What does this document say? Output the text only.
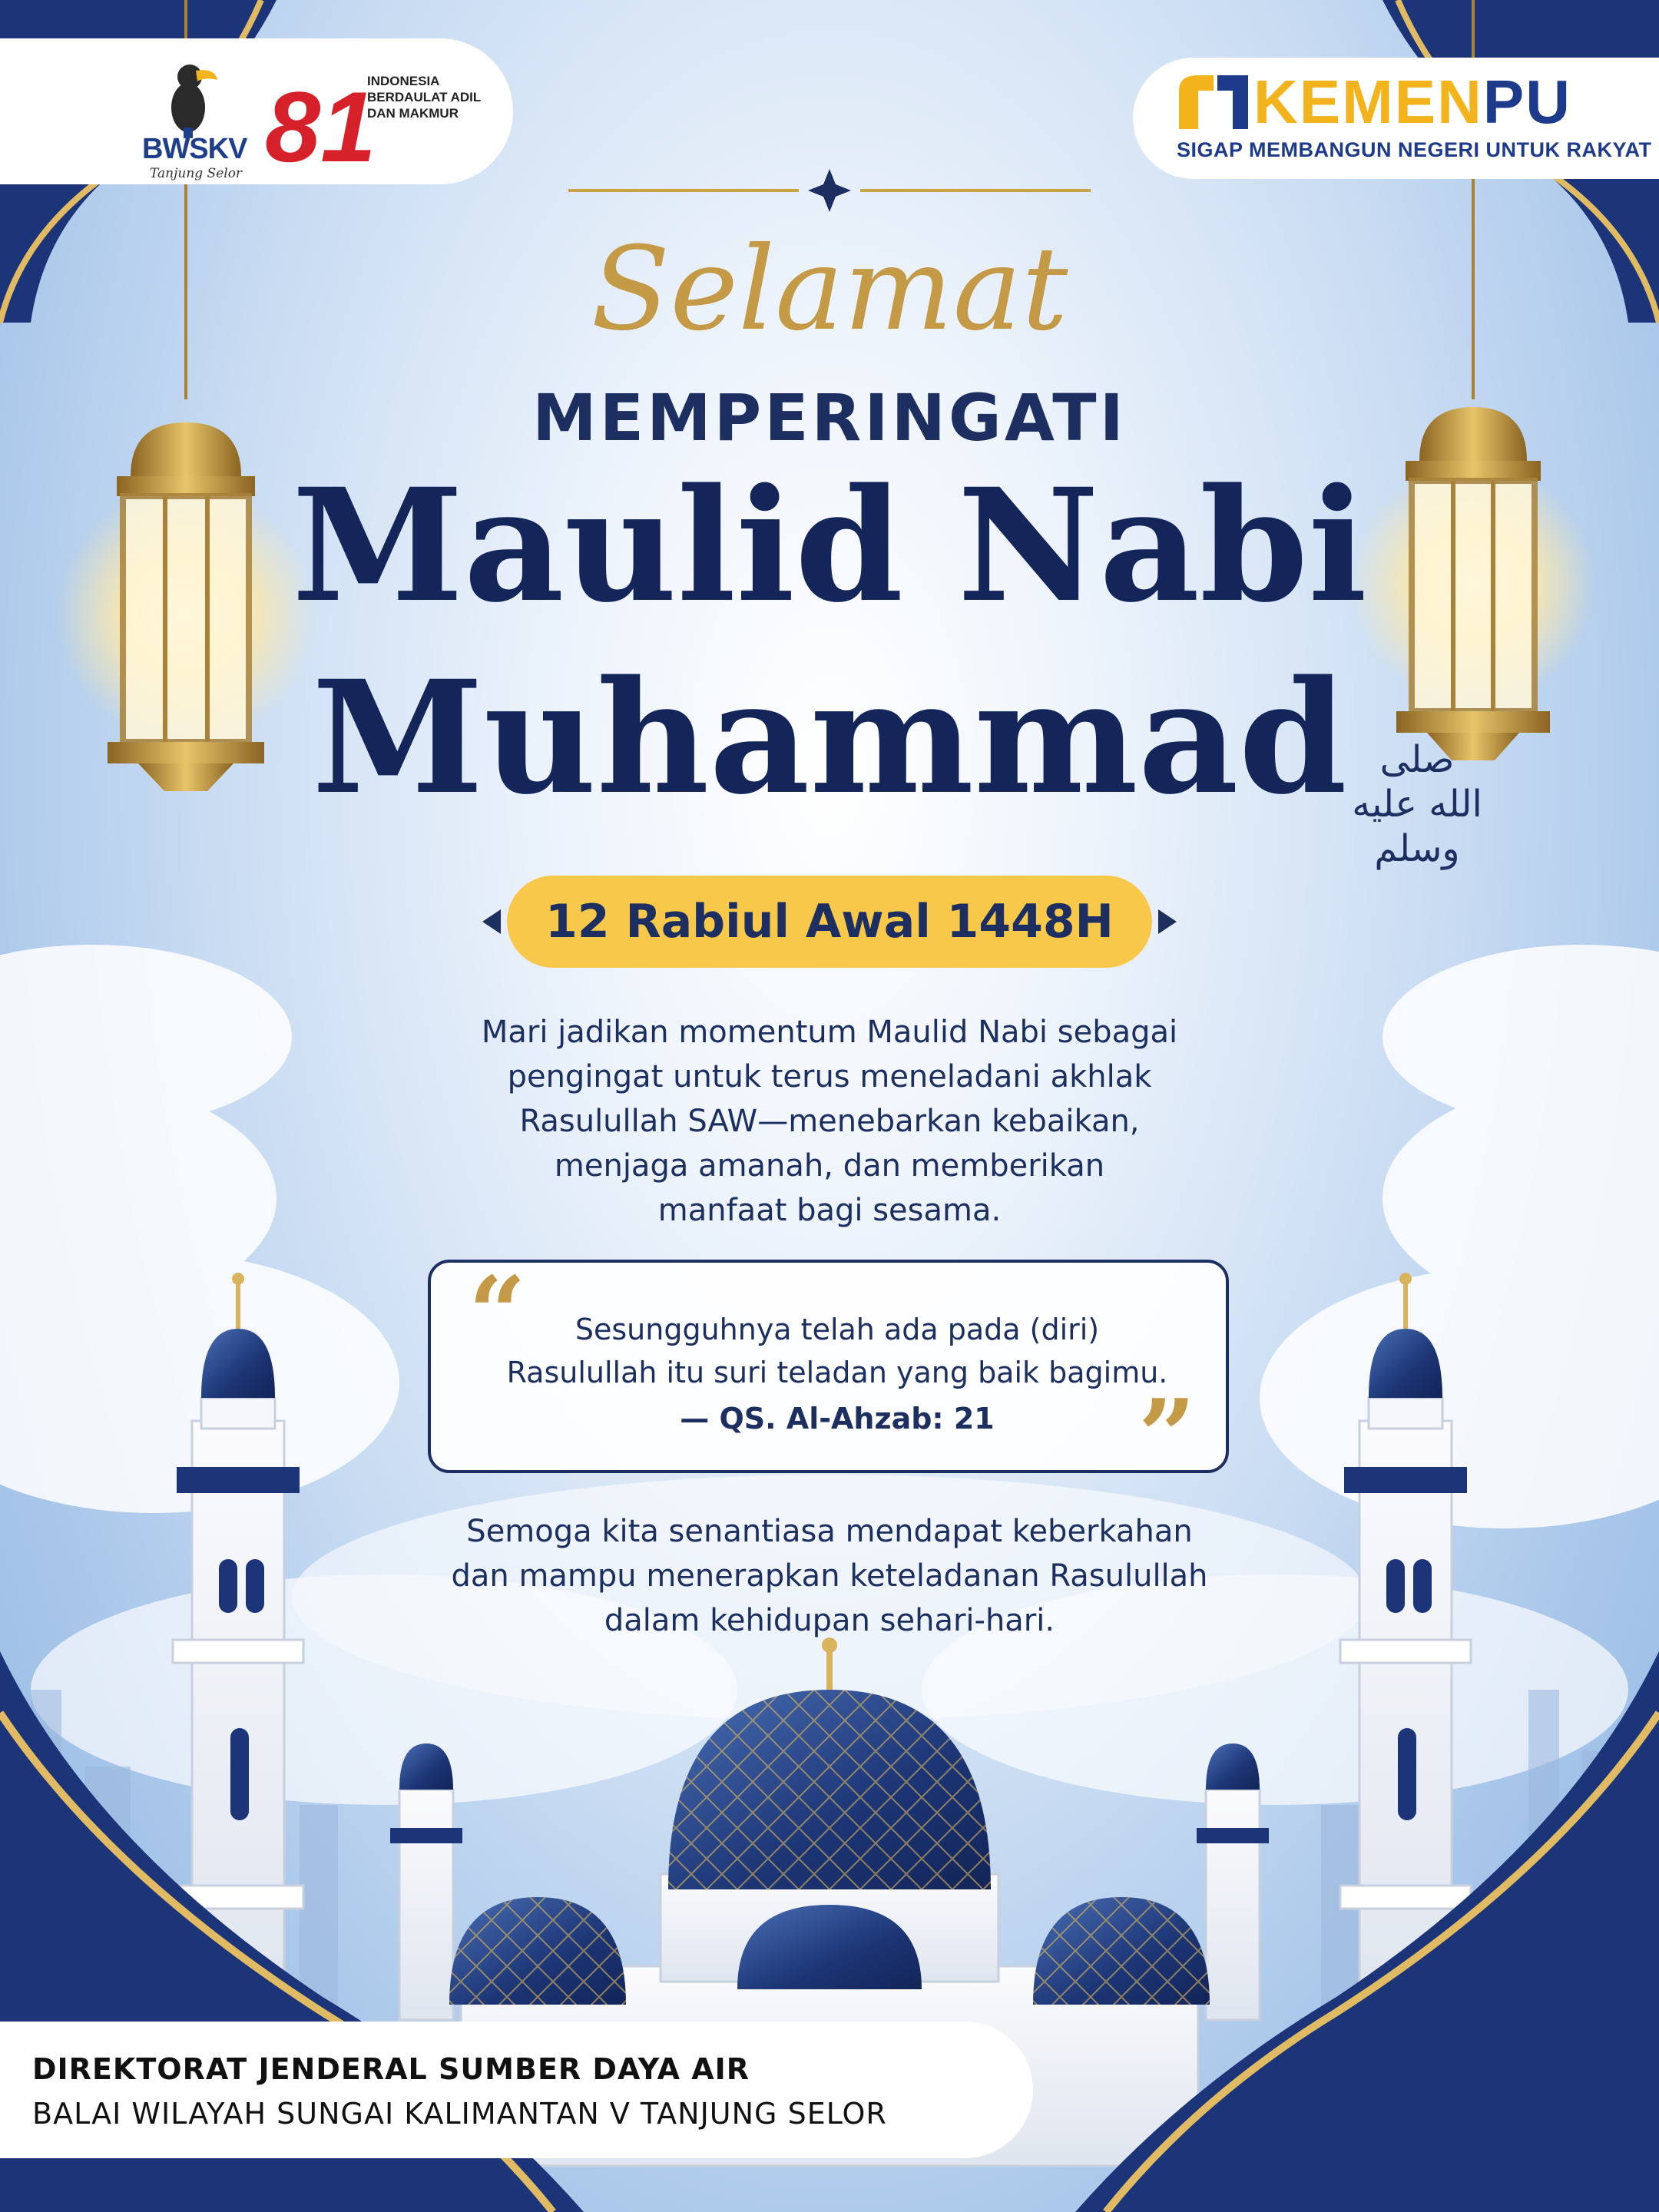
BWSKV
Tanjung Selor 81
INDONESIA BERDAULAT ADIL DAN MAKMUR	KEMENPU
SIGAP MEMBANGUN NEGERI UNTUK RAKYAT
Selamat
MEMPERINGATI
Maulid Nabi
Muhammad صلى الله عليه وسلم
12 Rabiul Awal 1448H
Mari jadikan momentum Maulid Nabi sebagai
pengingat untuk terus meneladani akhlak
Rasulullah SAW—menebarkan kebaikan,
menjaga amanah, dan memberikan
manfaat bagi sesama.
“
”
Sesungguhnya telah ada pada (diri)
Rasulullah itu suri teladan yang baik bagimu.
— QS. Al-Ahzab: 21
Semoga kita senantiasa mendapat keberkahan
dan mampu menerapkan keteladanan Rasulullah
dalam kehidupan sehari-hari.
DIREKTORAT JENDERAL SUMBER DAYA AIR
BALAI WILAYAH SUNGAI KALIMANTAN V TANJUNG SELOR
